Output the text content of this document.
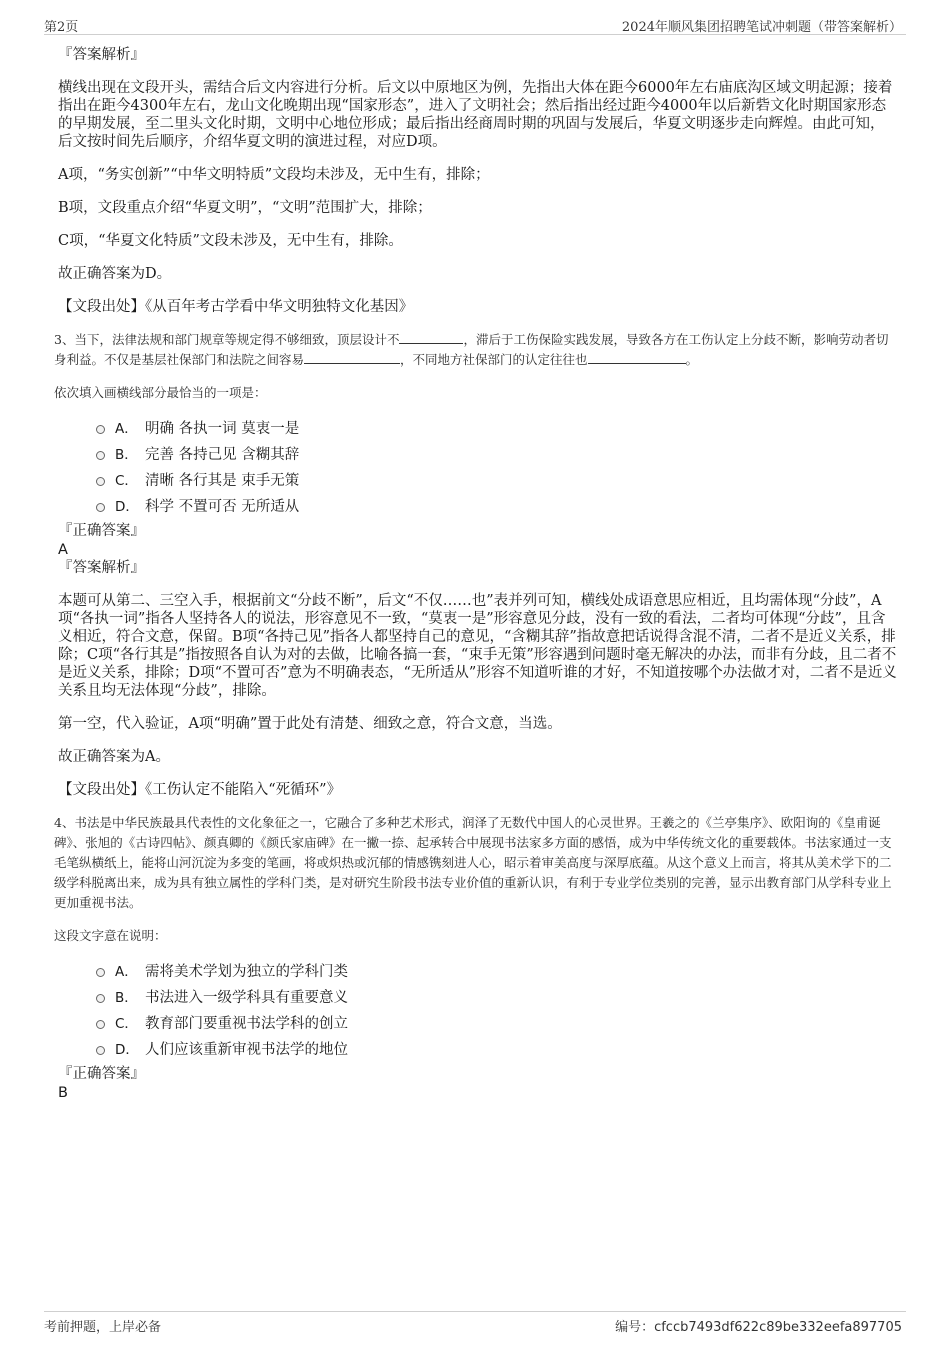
第2页	2024年顺风集团招聘笔试冲刺题（带答案解析）

『答案解析』

横线出现在文段开头，需结合后文内容进行分析。后文以中原地区为例，先指出大体在距今6000年左右庙底沟区域文明起源；接着指出在距今4300年左右，龙山文化晚期出现“国家形态”，进入了文明社会；然后指出经过距今4000年以后新砦文化时期国家形态的早期发展，至二里头文化时期，文明中心地位形成；最后指出经商周时期的巩固与发展后，华夏文明逐步走向辉煌。由此可知，后文按时间先后顺序，介绍华夏文明的演进过程，对应D项。

A项，“务实创新”“中华文明特质”文段均未涉及，无中生有，排除；

B项，文段重点介绍“华夏文明”，“文明”范围扩大，排除；

C项，“华夏文化特质”文段未涉及，无中生有，排除。

故正确答案为D。

【文段出处】《从百年考古学看中华文明独特文化基因》

3、当下，法律法规和部门规章等规定得不够细致，顶层设计不	，滞后于工伤保险实践发展，导致各方在工伤认定上分歧不断，影响劳动者切身利益。不仅是基层社保部门和法院之间容易	，不同地方社保部门的认定往往也	。

依次填入画横线部分最恰当的一项是：

A． 明确 各执一词 莫衷一是
B． 完善 各持己见 含糊其辞
C． 清晰 各行其是 束手无策
D． 科学 不置可否 无所适从

『正确答案』

A

『答案解析』

本题可从第二、三空入手，根据前文“分歧不断”，后文“不仅……也”表并列可知，横线处成语意思应相近，且均需体现“分歧”，A项“各执一词”指各人坚持各人的说法，形容意见不一致，“莫衷一是”形容意见分歧，没有一致的看法，二者均可体现“分歧”，且含义相近，符合文意，保留。B项“各持己见”指各人都坚持自己的意见，“含糊其辞”指故意把话说得含混不清，二者不是近义关系，排除；C项“各行其是”指按照各自认为对的去做，比喻各搞一套，“束手无策”形容遇到问题时毫无解决的办法，而非有分歧，且二者不是近义关系，排除；D项“不置可否”意为不明确表态，“无所适从”形容不知道听谁的才好，不知道按哪个办法做才对，二者不是近义关系且均无法体现“分歧”，排除。

第一空，代入验证，A项“明确”置于此处有清楚、细致之意，符合文意，当选。

故正确答案为A。

【文段出处】《工伤认定不能陷入“死循环”》

4、书法是中华民族最具代表性的文化象征之一，它融合了多种艺术形式，润泽了无数代中国人的心灵世界。王羲之的《兰亭集序》、欧阳询的《皇甫诞碑》、张旭的《古诗四帖》、颜真卿的《颜氏家庙碑》在一撇一捺、起承转合中展现书法家多方面的感悟，成为中华传统文化的重要载体。书法家通过一支毛笔纵横纸上，能将山河沉淀为多变的笔画，将或炽热或沉郁的情感镌刻进人心，昭示着审美高度与深厚底蕴。从这个意义上而言，将其从美术学下的二级学科脱离出来，成为具有独立属性的学科门类，是对研究生阶段书法专业价值的重新认识，有利于专业学位类别的完善，显示出教育部门从学科专业上更加重视书法。

这段文字意在说明：

A． 需将美术学划为独立的学科门类
B． 书法进入一级学科具有重要意义
C． 教育部门要重视书法学科的创立
D． 人们应该重新审视书法学的地位

『正确答案』

B

考前押题，上岸必备	编号：cfccb7493df622c89be332eefa897705
